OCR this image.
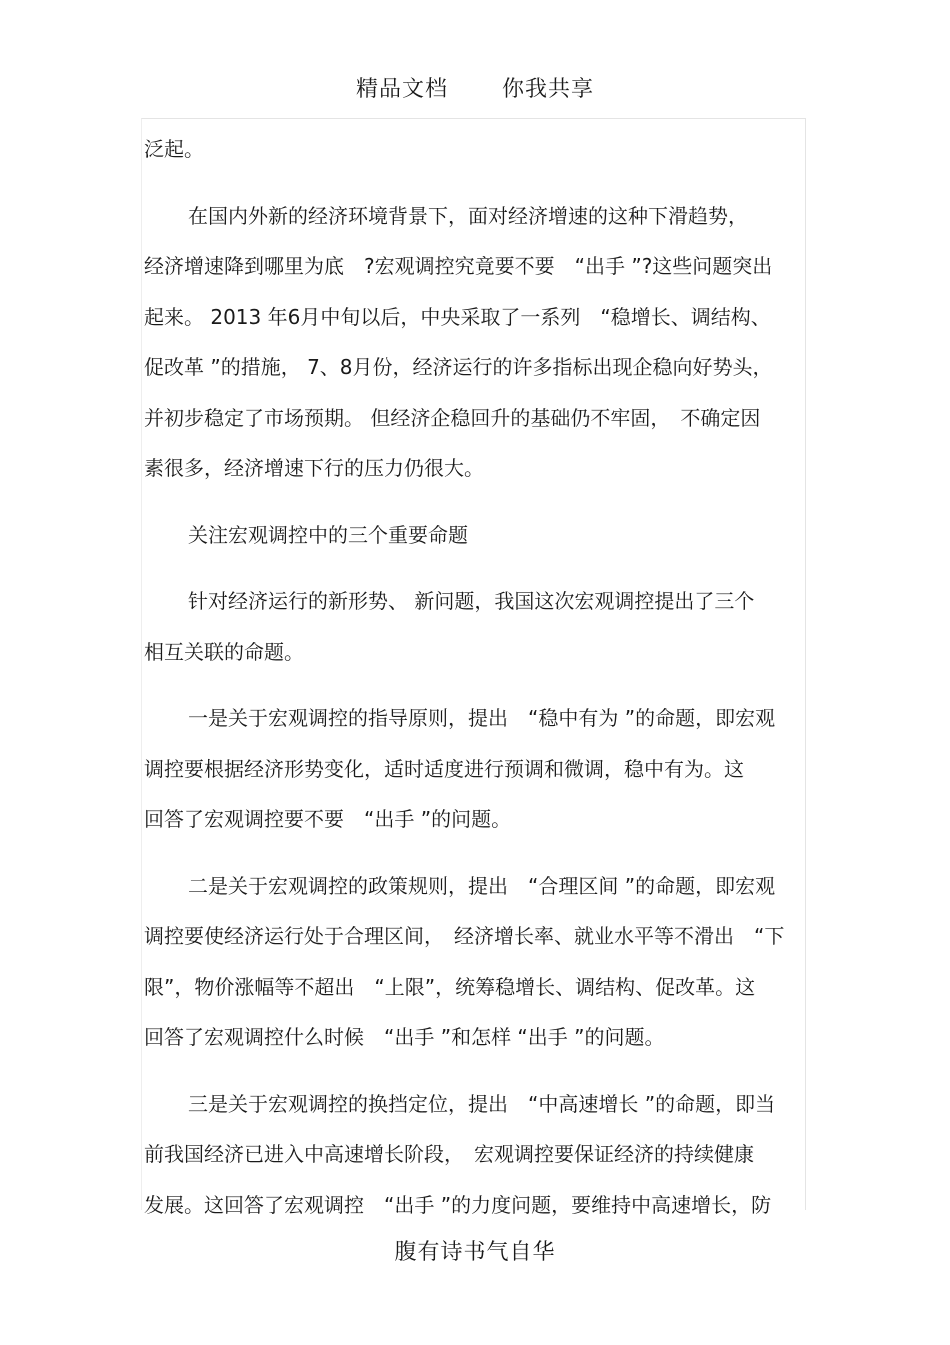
精品文档 你我共享
泛起。
在国内外新的经济环境背景下，面对经济增速的这种下滑趋势，
经济增速降到哪里为底　?宏观调控究竟要不要　“出手 ”?这些问题突出
起来。 2013 年6月中旬以后，中央采取了一系列　“稳增长、调结构、
促改革 ”的措施， 7、8月份，经济运行的许多指标出现企稳向好势头，
并初步稳定了市场预期。 但经济企稳回升的基础仍不牢固，　不确定因
素很多，经济增速下行的压力仍很大。
关注宏观调控中的三个重要命题
针对经济运行的新形势、 新问题，我国这次宏观调控提出了三个
相互关联的命题。
一是关于宏观调控的指导原则，提出　“稳中有为 ”的命题，即宏观
调控要根据经济形势变化，适时适度进行预调和微调，稳中有为。这
回答了宏观调控要不要　“出手 ”的问题。
二是关于宏观调控的政策规则，提出　“合理区间 ”的命题，即宏观
调控要使经济运行处于合理区间，　经济增长率、就业水平等不滑出　“下
限”，物价涨幅等不超出　“上限”，统筹稳增长、调结构、促改革。这
回答了宏观调控什么时候　“出手 ”和怎样 “出手 ”的问题。
三是关于宏观调控的换挡定位，提出　“中高速增长 ”的命题，即当
前我国经济已进入中高速增长阶段，　宏观调控要保证经济的持续健康
发展。这回答了宏观调控　“出手 ”的力度问题，要维持中高速增长，防
腹有诗书气自华
